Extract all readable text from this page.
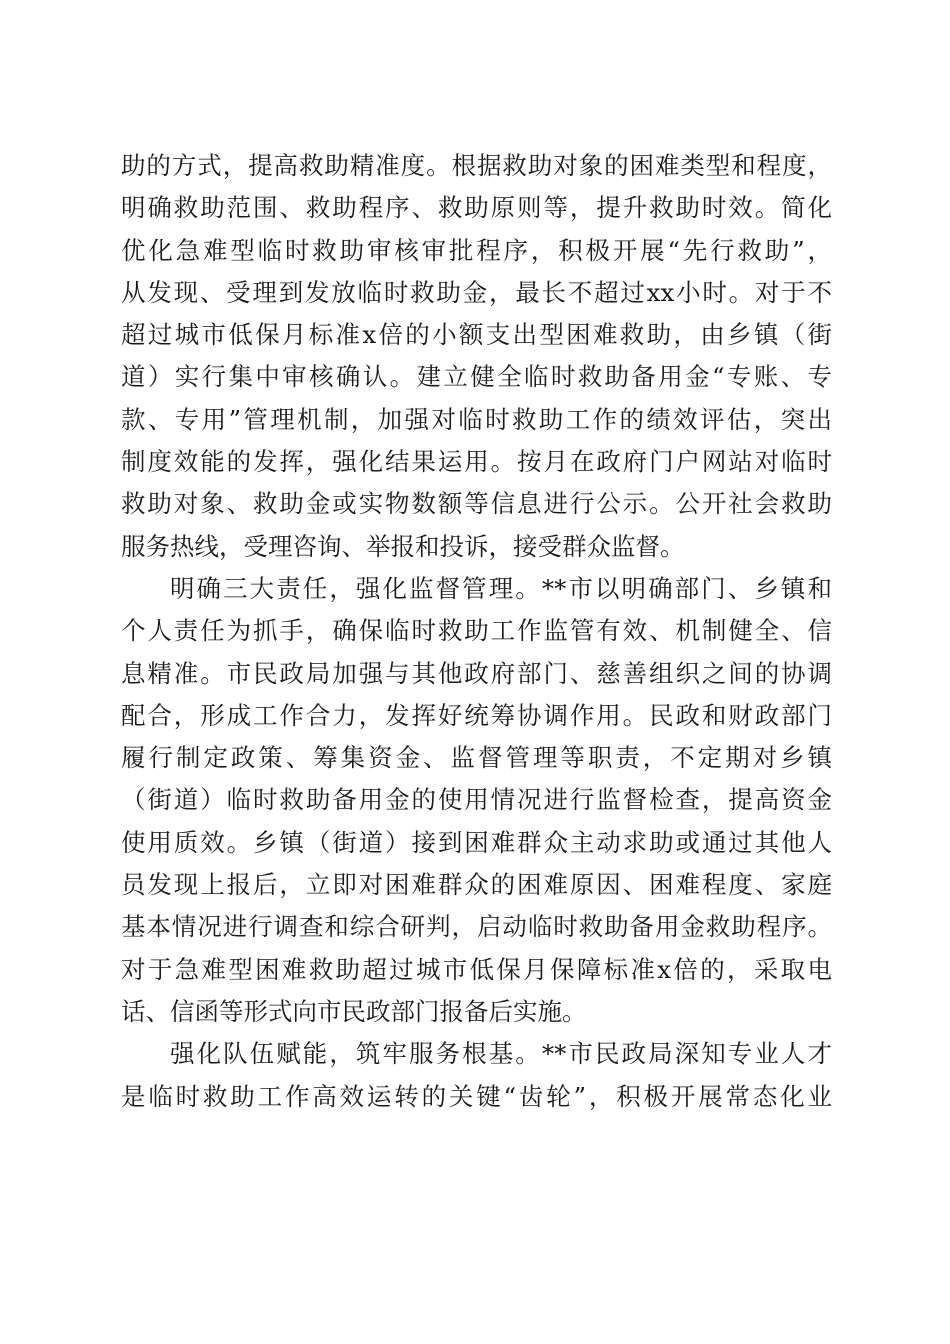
助的方式，提高救助精准度。根据救助对象的困难类型和程度，
明确救助范围、救助程序、救助原则等，提升救助时效。简化
优化急难型临时救助审核审批程序，积极开展“先行救助”，
从发现、受理到发放临时救助金，最长不超过xx小时。对于不
超过城市低保月标准x倍的小额支出型困难救助，由乡镇（街
道）实行集中审核确认。建立健全临时救助备用金“专账、专
款、专用”管理机制，加强对临时救助工作的绩效评估，突出
制度效能的发挥，强化结果运用。按月在政府门户网站对临时
救助对象、救助金或实物数额等信息进行公示。公开社会救助
服务热线，受理咨询、举报和投诉，接受群众监督。
明确三大责任，强化监督管理。**市以明确部门、乡镇和
个人责任为抓手，确保临时救助工作监管有效、机制健全、信
息精准。市民政局加强与其他政府部门、慈善组织之间的协调
配合，形成工作合力，发挥好统筹协调作用。民政和财政部门
履行制定政策、筹集资金、监督管理等职责，不定期对乡镇
（街道）临时救助备用金的使用情况进行监督检查，提高资金
使用质效。乡镇（街道）接到困难群众主动求助或通过其他人
员发现上报后，立即对困难群众的困难原因、困难程度、家庭
基本情况进行调查和综合研判，启动临时救助备用金救助程序。
对于急难型困难救助超过城市低保月保障标准x倍的，采取电
话、信函等形式向市民政部门报备后实施。
强化队伍赋能，筑牢服务根基。**市民政局深知专业人才
是临时救助工作高效运转的关键“齿轮”，积极开展常态化业
